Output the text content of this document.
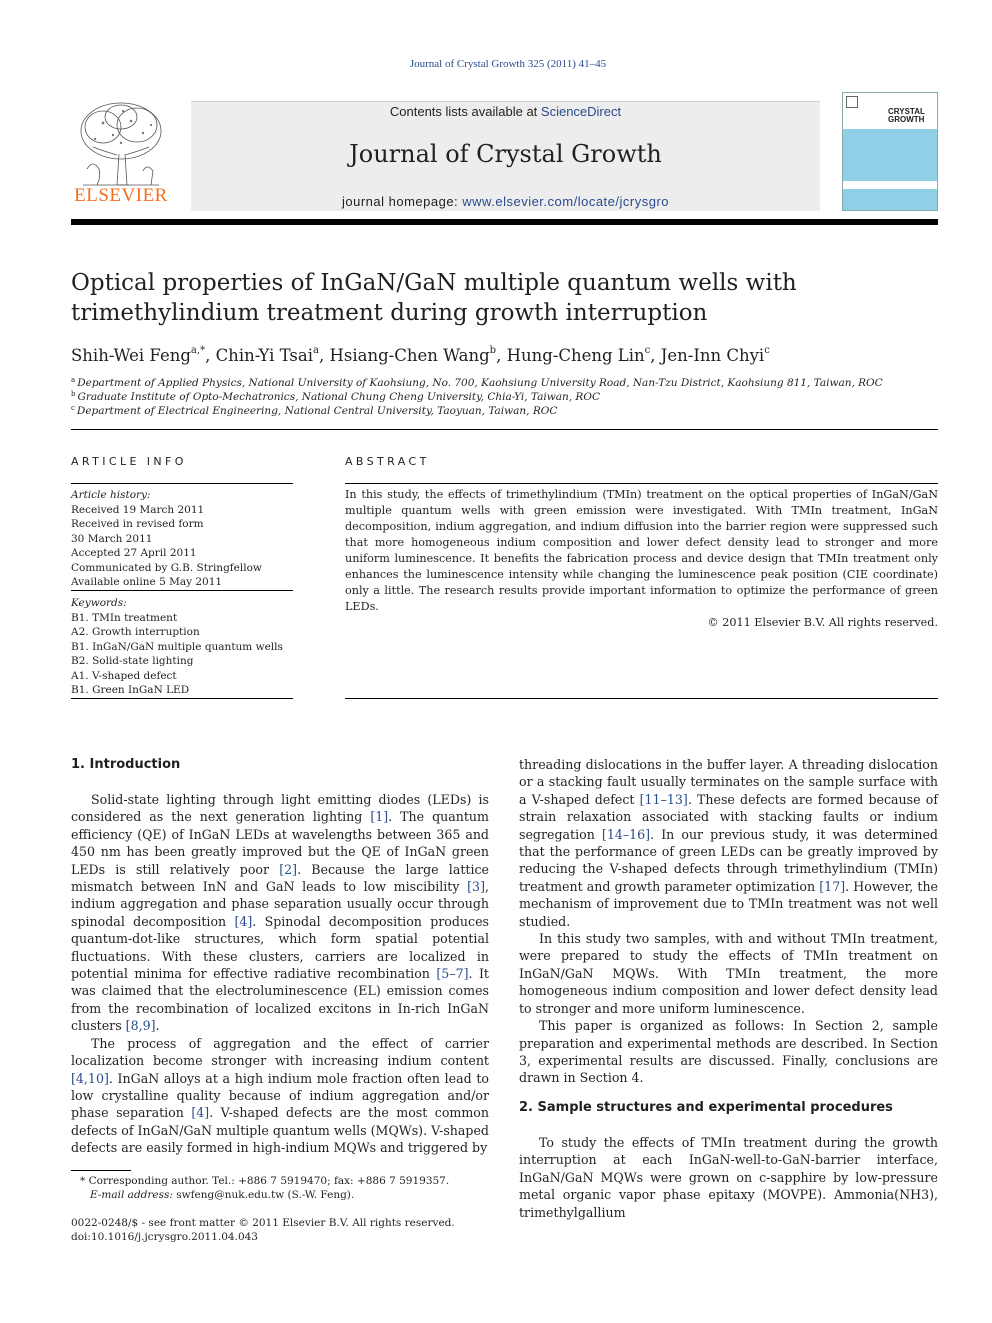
Journal of Crystal Growth 325 (2011) 41–45
ELSEVIER
Contents lists available at ScienceDirect
Journal of Crystal Growth
journal homepage: www.elsevier.com/locate/jcrysgro
CRYSTAL
GROWTH
Optical properties of InGaN/GaN multiple quantum wells with
trimethylindium treatment during growth interruption
Shih-Wei Feng$^{a,*}$, Chin-Yi Tsai$^a$, Hsiang-Chen Wang$^b$, Hung-Cheng Lin$^c$, Jen-Inn Chyi$^c$
$^a$ Department of Applied Physics, National University of Kaohsiung, No. 700, Kaohsiung University Road, Nan-Tzu District, Kaohsiung 811, Taiwan, ROC
$^b$ Graduate Institute of Opto-Mechatronics, National Chung Cheng University, Chia-Yi, Taiwan, ROC
$^c$ Department of Electrical Engineering, National Central University, Taoyuan, Taiwan, ROC
ARTICLE INFO
Article history:
Received 19 March 2011
Received in revised form
30 March 2011
Accepted 27 April 2011
Communicated by G.B. Stringfellow
Available online 5 May 2011
Keywords:
B1. TMIn treatment
A2. Growth interruption
B1. InGaN/GaN multiple quantum wells
B2. Solid-state lighting
A1. V-shaped defect
B1. Green InGaN LED
ABSTRACT
In this study, the effects of trimethylindium (TMIn) treatment on the optical properties of InGaN/GaN multiple quantum wells with green emission were investigated. With TMIn treatment, InGaN decomposition, indium aggregation, and indium diffusion into the barrier region were suppressed such that more homogeneous indium composition and lower defect density lead to stronger and more uniform luminescence. It benefits the fabrication process and device design that TMIn treatment only enhances the luminescence intensity while changing the luminescence peak position (CIE coordinate) only a little. The research results provide important information to optimize the performance of green LEDs.
© 2011 Elsevier B.V. All rights reserved.
1. Introduction

Solid-state lighting through light emitting diodes (LEDs) is considered as the next generation lighting [1]. The quantum efficiency (QE) of InGaN LEDs at wavelengths between 365 and 450 nm has been greatly improved but the QE of InGaN green LEDs is still relatively poor [2]. Because the large lattice mismatch between InN and GaN leads to low miscibility [3], indium aggregation and phase separation usually occur through spinodal decomposition [4]. Spinodal decomposition produces quantum-dot-like structures, which form spatial potential fluctuations. With these clusters, carriers are localized in potential minima for effective radiative recombination [5–7]. It was claimed that the electroluminescence (EL) emission comes from the recombination of localized excitons in In-rich InGaN clusters [8,9].

The process of aggregation and the effect of carrier localization become stronger with increasing indium content [4,10]. InGaN alloys at a high indium mole fraction often lead to low crystalline quality because of indium aggregation and/or phase separation [4]. V-shaped defects are the most common defects of InGaN/GaN multiple quantum wells (MQWs). V-shaped defects are easily formed in high-indium MQWs and triggered by

* Corresponding author. Tel.: +886 7 5919470; fax: +886 7 5919357.
E-mail address: swfeng@nuk.edu.tw (S.-W. Feng).
0022-0248/$ - see front matter © 2011 Elsevier B.V. All rights reserved.
doi:10.1016/j.jcrysgro.2011.04.043

threading dislocations in the buffer layer. A threading dislocation or a stacking fault usually terminates on the sample surface with a V-shaped defect [11–13]. These defects are formed because of strain relaxation associated with stacking faults or indium segregation [14–16]. In our previous study, it was determined that the performance of green LEDs can be greatly improved by reducing the V-shaped defects through trimethylindium (TMIn) treatment and growth parameter optimization [17]. However, the mechanism of improvement due to TMIn treatment was not well studied.

In this study two samples, with and without TMIn treatment, were prepared to study the effects of TMIn treatment on InGaN/GaN MQWs. With TMIn treatment, the more homogeneous indium composition and lower defect density lead to stronger and more uniform luminescence.

This paper is organized as follows: In Section 2, sample preparation and experimental methods are described. In Section 3, experimental results are discussed. Finally, conclusions are drawn in Section 4.

2. Sample structures and experimental procedures

To study the effects of TMIn treatment during the growth interruption at each InGaN-well-to-GaN-barrier interface, InGaN/GaN MQWs were grown on c-sapphire by low-pressure metal organic vapor phase epitaxy (MOVPE). Ammonia(NH3), trimethylgallium
